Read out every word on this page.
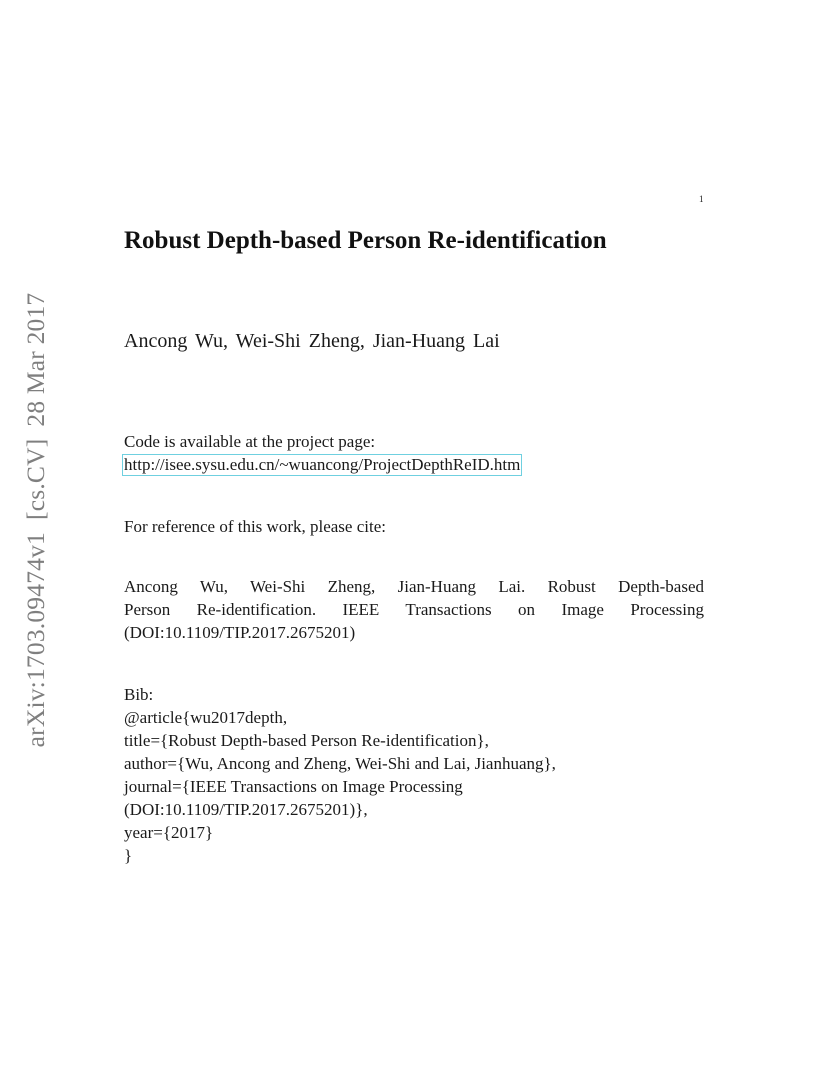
1
arXiv:1703.09474v1[cs.CV]28 Mar 2017
Robust Depth-based Person Re-identification
Ancong Wu, Wei-Shi Zheng, Jian-Huang Lai
Code is available at the project page:
http://isee.sysu.edu.cn/~wuancong/ProjectDepthReID.htm
For reference of this work, please cite:
Ancong Wu, Wei-Shi Zheng, Jian-Huang Lai. Robust Depth-based
Person Re-identification. IEEE Transactions on Image Processing
(DOI:10.1109/TIP.2017.2675201)
Bib:
@article{wu2017depth,
title={Robust Depth-based Person Re-identification},
author={Wu, Ancong and Zheng, Wei-Shi and Lai, Jianhuang},
journal={IEEE Transactions on Image Processing
(DOI:10.1109/TIP.2017.2675201)},
year={2017}
}
